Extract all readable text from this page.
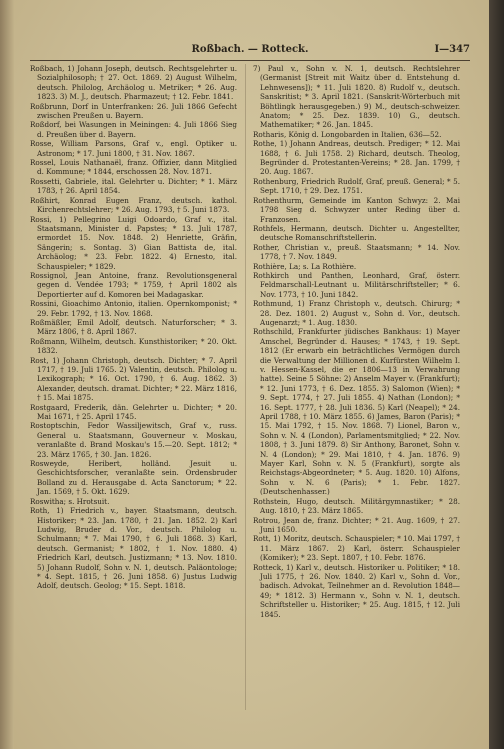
Roßbach. — Rotteck.	I—347

Roßbach, 1) Johann Joseph, deutsch. Rechtsgelehrter u. Sozialphilosoph; † 27. Oct. 1869. 2) August Wilhelm, deutsch. Philolog, Archäolog u. Metriker; * 26. Aug. 1823. 3) M. J., deutsch. Pharmazeut; † 12. Febr. 1841.

Roßbrunn, Dorf in Unterfranken: 26. Juli 1866 Gefecht zwischen Preußen u. Bayern.

Roßdorf, bei Wasungen in Meiningen: 4. Juli 1866 Sieg d. Preußen über d. Bayern.

Rosse, William Parsons, Graf v., engl. Optiker u. Astronom; * 17. Juni 1800, † 31. Nov. 1867.

Rossel, Louis Nathanaël, franz. Offizier, dann Mitglied d. Kommune; * 1844, erschossen 28. Nov. 1871.

Rossetti, Gabriele, ital. Gelehrter u. Dichter; * 1. März 1783, † 26. April 1854.

Roßhirt, Konrad Eugen Franz, deutsch. kathol. Kirchenrechtslehrer; * 26. Aug. 1793, † 5. Juni 1873.

Rossi, 1) Pellegrino Luigi Odoardo, Graf v., ital. Staatsmann, Minister d. Papstes; * 13. Juli 1787, ermordet 15. Nov. 1848. 2) Henriette, Gräfin, Sängerin; s. Sontag. 3) Gian Battista de, ital. Archäolog; * 23. Febr. 1822. 4) Ernesto, ital. Schauspieler; * 1829.

Rossignol, Jean Antoine, franz. Revolutionsgeneral gegen d. Vendée 1793; * 1759, † April 1802 als Deportierter auf d. Komoren bei Madagaskar.

Rossini, Gioachimo Antonio, italien. Opernkomponist; * 29. Febr. 1792, † 13. Nov. 1868.

Roßmäßler, Emil Adolf, deutsch. Naturforscher; * 3. März 1806, † 8. April 1867.

Roßmann, Wilhelm, deutsch. Kunsthistoriker; * 20. Okt. 1832.

Rost, 1) Johann Christoph, deutsch. Dichter; * 7. April 1717, † 19. Juli 1765. 2) Valentin, deutsch. Philolog u. Lexikograph; * 16. Oct. 1790, † 6. Aug. 1862. 3) Alexander, deutsch. dramat. Dichter; * 22. März 1816, † 15. Mai 1875.

Rostgaard, Frederik, dän. Gelehrter u. Dichter; * 20. Mai 1671, † 25. April 1745.

Rostoptschin, Fedor Wassiljewitsch, Graf v., russ. General u. Staatsmann, Gouverneur v. Moskau, veranlaßte d. Brand Moskau's 15.—20. Sept. 1812; * 23. März 1765, † 30. Jan. 1826.

Rosweyde, Heribert, holländ. Jesuit u. Geschichtsforscher, veranlaßte sein. Ordensbruder Bolland zu d. Herausgabe d. Acta Sanctorum; * 22. Jan. 1569, † 5. Okt. 1629.

Roswitha; s. Hrotsuit.

Roth, 1) Friedrich v., bayer. Staatsmann, deutsch. Historiker; * 23. Jan. 1780, † 21. Jan. 1852. 2) Karl Ludwig, Bruder d. Vor., deutsch. Philolog u. Schulmann; * 7. Mai 1790, † 6. Juli 1868. 3) Karl, deutsch. Germanist; * 1802, † 1. Nov. 1880. 4) Friedrich Karl, deutsch. Justizmann; * 13. Nov. 1810. 5) Johann Rudolf, Sohn v. N. 1, deutsch. Paläontologe; * 4. Sept. 1815, † 26. Juni 1858. 6) Justus Ludwig Adolf, deutsch. Geolog; * 15. Sept. 1818.

7) Paul v., Sohn v. N. 1, deutsch. Rechtslehrer (Germanist [Streit mit Waitz über d. Entstehung d. Lehnwesens]); * 11. Juli 1820. 8) Rudolf v., deutsch. Sanskritist; * 3. April 1821. (Sanskrit-Wörterbuch mit Böhtlingk herausgegeben.) 9) M., deutsch-schweizer. Anatom; * 25. Dez. 1839. 10) G., deutsch. Mathematiker; * 26. Jan. 1845.

Rotharis, König d. Longobarden in Italien, 636—52.

Rothe, 1) Johann Andreas, deutsch. Prediger; * 12. Mai 1688, † 6. Juli 1758. 2) Richard, deutsch. Theolog, Begründer d. Protestanten-Vereins; * 28. Jan. 1799, † 20. Aug. 1867.

Rothenburg, Friedrich Rudolf, Graf, preuß. General; * 5. Sept. 1710, † 29. Dez. 1751.

Rothenthurm, Gemeinde im Kanton Schwyz: 2. Mai 1798 Sieg d. Schwyzer unter Reding über d. Franzosen.

Rothfels, Hermann, deutsch. Dichter u. Angestellter, deutsche Romanschriftstellerin.

Rother, Christian v., preuß. Staatsmann; * 14. Nov. 1778, † 7. Nov. 1849.

Rothière, La; s. La Rothière.

Rothkirch und Panthen, Leonhard, Graf, österr. Feldmarschall-Leutnant u. Militärschriftsteller; * 6. Nov. 1773, † 10. Juni 1842.

Rothmund, 1) Franz Christoph v., deutsch. Chirurg; * 28. Dez. 1801. 2) August v., Sohn d. Vor., deutsch. Augenarzt; * 1. Aug. 1830.

Rothschild, Frankfurter jüdisches Bankhaus: 1) Mayer Amschel, Begründer d. Hauses; * 1743, † 19. Sept. 1812 (Er erwarb ein beträchtliches Vermögen durch die Verwaltung der Millionen d. Kurfürsten Wilhelm I. v. Hessen-Kassel, die er 1806—13 in Verwahrung hatte). Seine 5 Söhne: 2) Anselm Mayer v. (Frankfurt); * 12. Juni 1773, † 6. Dez. 1855. 3) Salomon (Wien); * 9. Sept. 1774, † 27. Juli 1855. 4) Nathan (London); * 16. Sept. 1777, † 28. Juli 1836. 5) Karl (Neapel); * 24. April 1788, † 10. März 1855. 6) James, Baron (Paris); * 15. Mai 1792, † 15. Nov. 1868. 7) Lionel, Baron v., Sohn v. N. 4 (London), Parlamentsmitglied; * 22. Nov. 1808, † 3. Juni 1879. 8) Sir Anthony, Baronet, Sohn v. N. 4 (London); * 29. Mai 1810, † 4. Jan. 1876. 9) Mayer Karl, Sohn v. N. 5 (Frankfurt), sorgte als Reichstags-Abgeordneter; * 5. Aug. 1820. 10) Alfons, Sohn v. N. 6 (Paris); * 1. Febr. 1827. (Deutschenhasser.)

Rothstein, Hugo, deutsch. Militärgymnastiker; * 28. Aug. 1810, † 23. März 1865.

Rotrou, Jean de, franz. Dichter; * 21. Aug. 1609, † 27. Juni 1650.

Rott, 1) Moritz, deutsch. Schauspieler; * 10. Mai 1797, † 11. März 1867. 2) Karl, österr. Schauspieler (Komiker); * 23. Sept. 1807, † 10. Febr. 1876.

Rotteck, 1) Karl v., deutsch. Historiker u. Politiker; * 18. Juli 1775, † 26. Nov. 1840. 2) Karl v., Sohn d. Vor., badisch. Advokat, Teilnehmer an d. Revolution 1848—49; * 1812. 3) Hermann v., Sohn v. N. 1, deutsch. Schriftsteller u. Historiker; * 25. Aug. 1815, † 12. Juli 1845.
